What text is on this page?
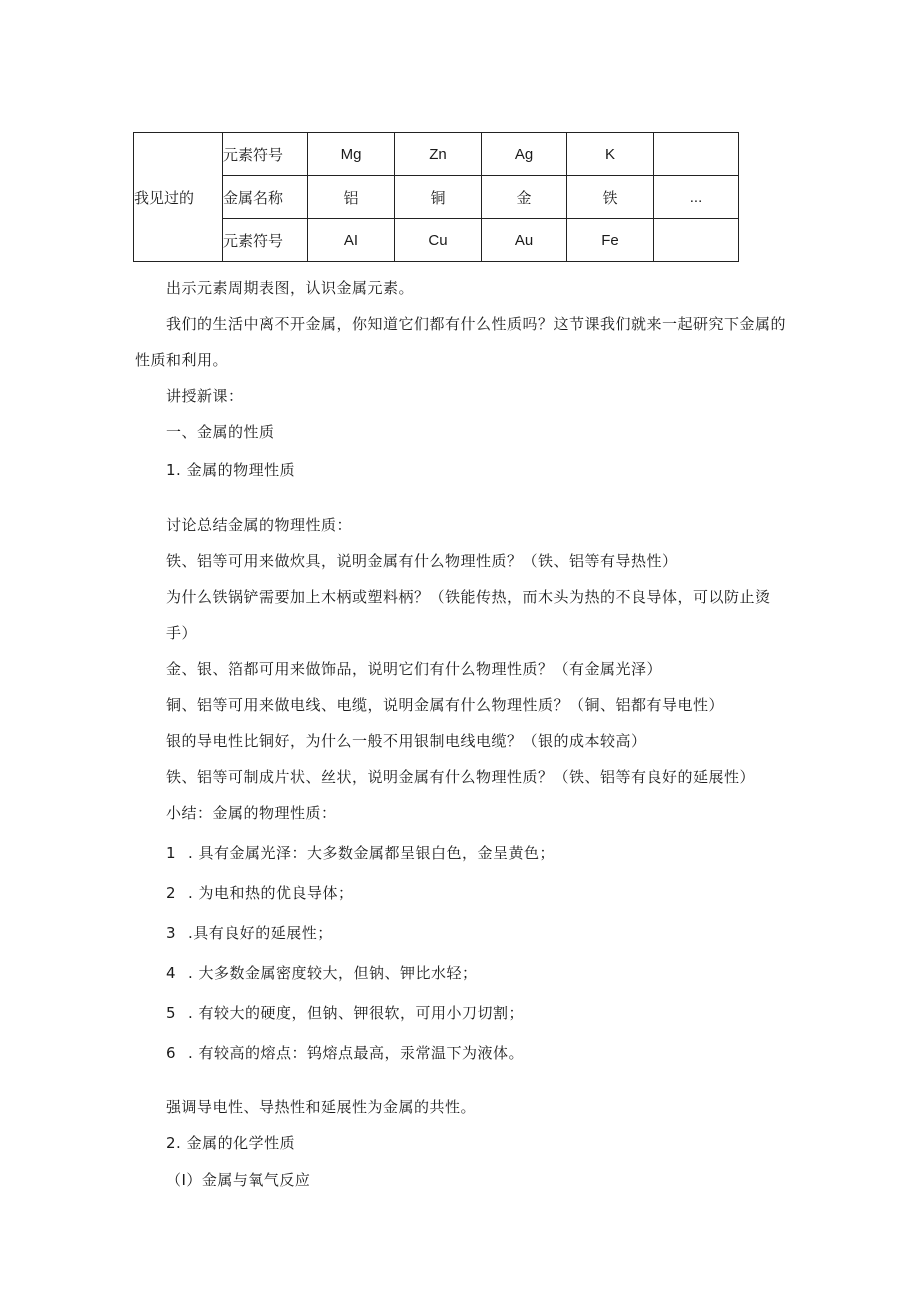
我见过的	元素符号	Mg	Zn	Ag	K	
	金属名称	铝	铜	金	铁	...
	元素符号	AI	Cu	Au	Fe	
出示元素周期表图，认识金属元素。
我们的生活中离不开金属，你知道它们都有什么性质吗？这节课我们就来一起研究下金属的
性质和利用。
讲授新课：
一、金属的性质
1. 金属的物理性质
讨论总结金属的物理性质：
铁、铝等可用来做炊具，说明金属有什么物理性质？（铁、铝等有导热性）
为什么铁锅铲需要加上木柄或塑料柄？（铁能传热，而木头为热的不良导体，可以防止烫
手）
金、银、箔都可用来做饰品，说明它们有什么物理性质？（有金属光泽）
铜、铝等可用来做电线、电缆，说明金属有什么物理性质？（铜、铝都有导电性）
银的导电性比铜好，为什么一般不用银制电线电缆？（银的成本较高）
铁、铝等可制成片状、丝状，说明金属有什么物理性质？（铁、铝等有良好的延展性）
小结：金属的物理性质：
1 . 具有金属光泽：大多数金属都呈银白色，金呈黄色；
2 . 为电和热的优良导体；
3 .具有良好的延展性；
4 . 大多数金属密度较大，但钠、钾比水轻；
5 . 有较大的硬度，但钠、钾很软，可用小刀切割；
6 . 有较高的熔点：钨熔点最高，汞常温下为液体。
强调导电性、导热性和延展性为金属的共性。
2. 金属的化学性质
（I）金属与氧气反应
